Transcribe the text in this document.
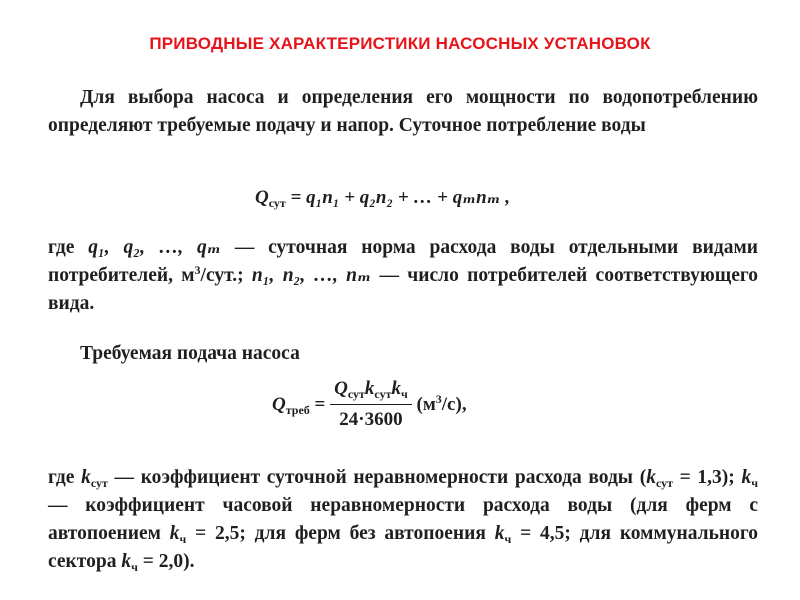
ПРИВОДНЫЕ ХАРАКТЕРИСТИКИ НАСОСНЫХ УСТАНОВОК
Для выбора насоса и определения его мощности по водопотреблению определяют требуемые подачу и напор. Суточное потребление воды
$Q_{сут} = q_1n_1 + q_2n_2$ + … + qₘnₘ ,
где q₁, q₂, …, qₘ — суточная норма расхода воды отдельными видами потребителей, $м^3$/сут.; n₁, n₂, …, nₘ — число потребителей соответствующего вида.
Требуемая подача насоса
$Q_{треб} = \frac{Q_{сут}k_{сут}k_ч}{24\cdot 3600} (м^3/с)$,
где $k_{сут}$ — коэффициент суточной неравномерности расхода воды $(k_{сут} = 1,3)$; $k_ч$ — коэффициент часовой неравномерности расхода воды (для ферм с автопоением $k_ч = 2,5$; для ферм без автопоения $k_ч = 4,5$; для коммунального сектора $k_ч = 2,0$).
